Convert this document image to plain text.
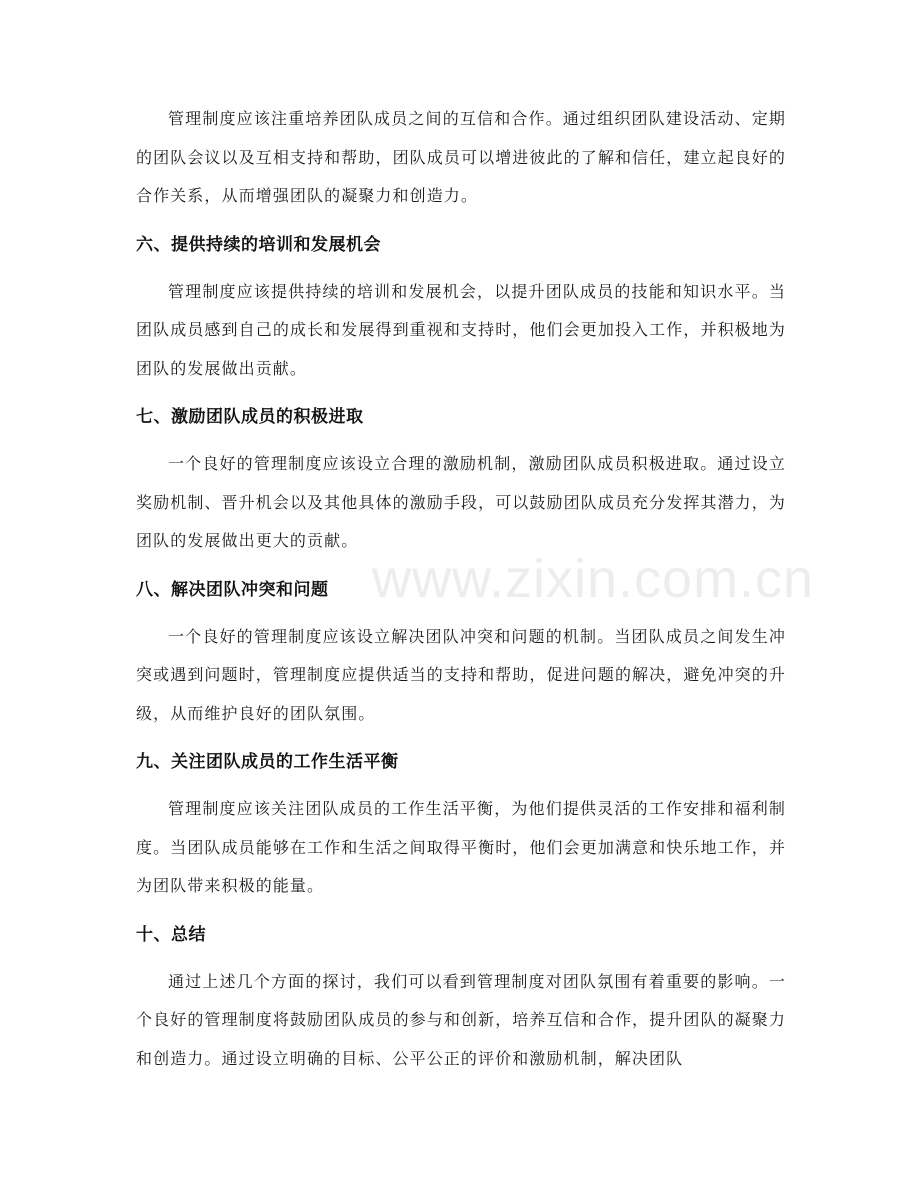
管理制度应该注重培养团队成员之间的互信和合作。通过组织团队建设活动、定期的团队会议以及互相支持和帮助，团队成员可以增进彼此的了解和信任，建立起良好的合作关系，从而增强团队的凝聚力和创造力。

六、提供持续的培训和发展机会

管理制度应该提供持续的培训和发展机会，以提升团队成员的技能和知识水平。当团队成员感到自己的成长和发展得到重视和支持时，他们会更加投入工作，并积极地为团队的发展做出贡献。

七、激励团队成员的积极进取

一个良好的管理制度应该设立合理的激励机制，激励团队成员积极进取。通过设立奖励机制、晋升机会以及其他具体的激励手段，可以鼓励团队成员充分发挥其潜力，为团队的发展做出更大的贡献。

八、解决团队冲突和问题

一个良好的管理制度应该设立解决团队冲突和问题的机制。当团队成员之间发生冲突或遇到问题时，管理制度应提供适当的支持和帮助，促进问题的解决，避免冲突的升级，从而维护良好的团队氛围。

九、关注团队成员的工作生活平衡

管理制度应该关注团队成员的工作生活平衡，为他们提供灵活的工作安排和福利制度。当团队成员能够在工作和生活之间取得平衡时，他们会更加满意和快乐地工作，并为团队带来积极的能量。

十、总结

通过上述几个方面的探讨，我们可以看到管理制度对团队氛围有着重要的影响。一个良好的管理制度将鼓励团队成员的参与和创新，培养互信和合作，提升团队的凝聚力和创造力。通过设立明确的目标、公平公正的评价和激励机制，解决团队

www.zixin.com.cn
